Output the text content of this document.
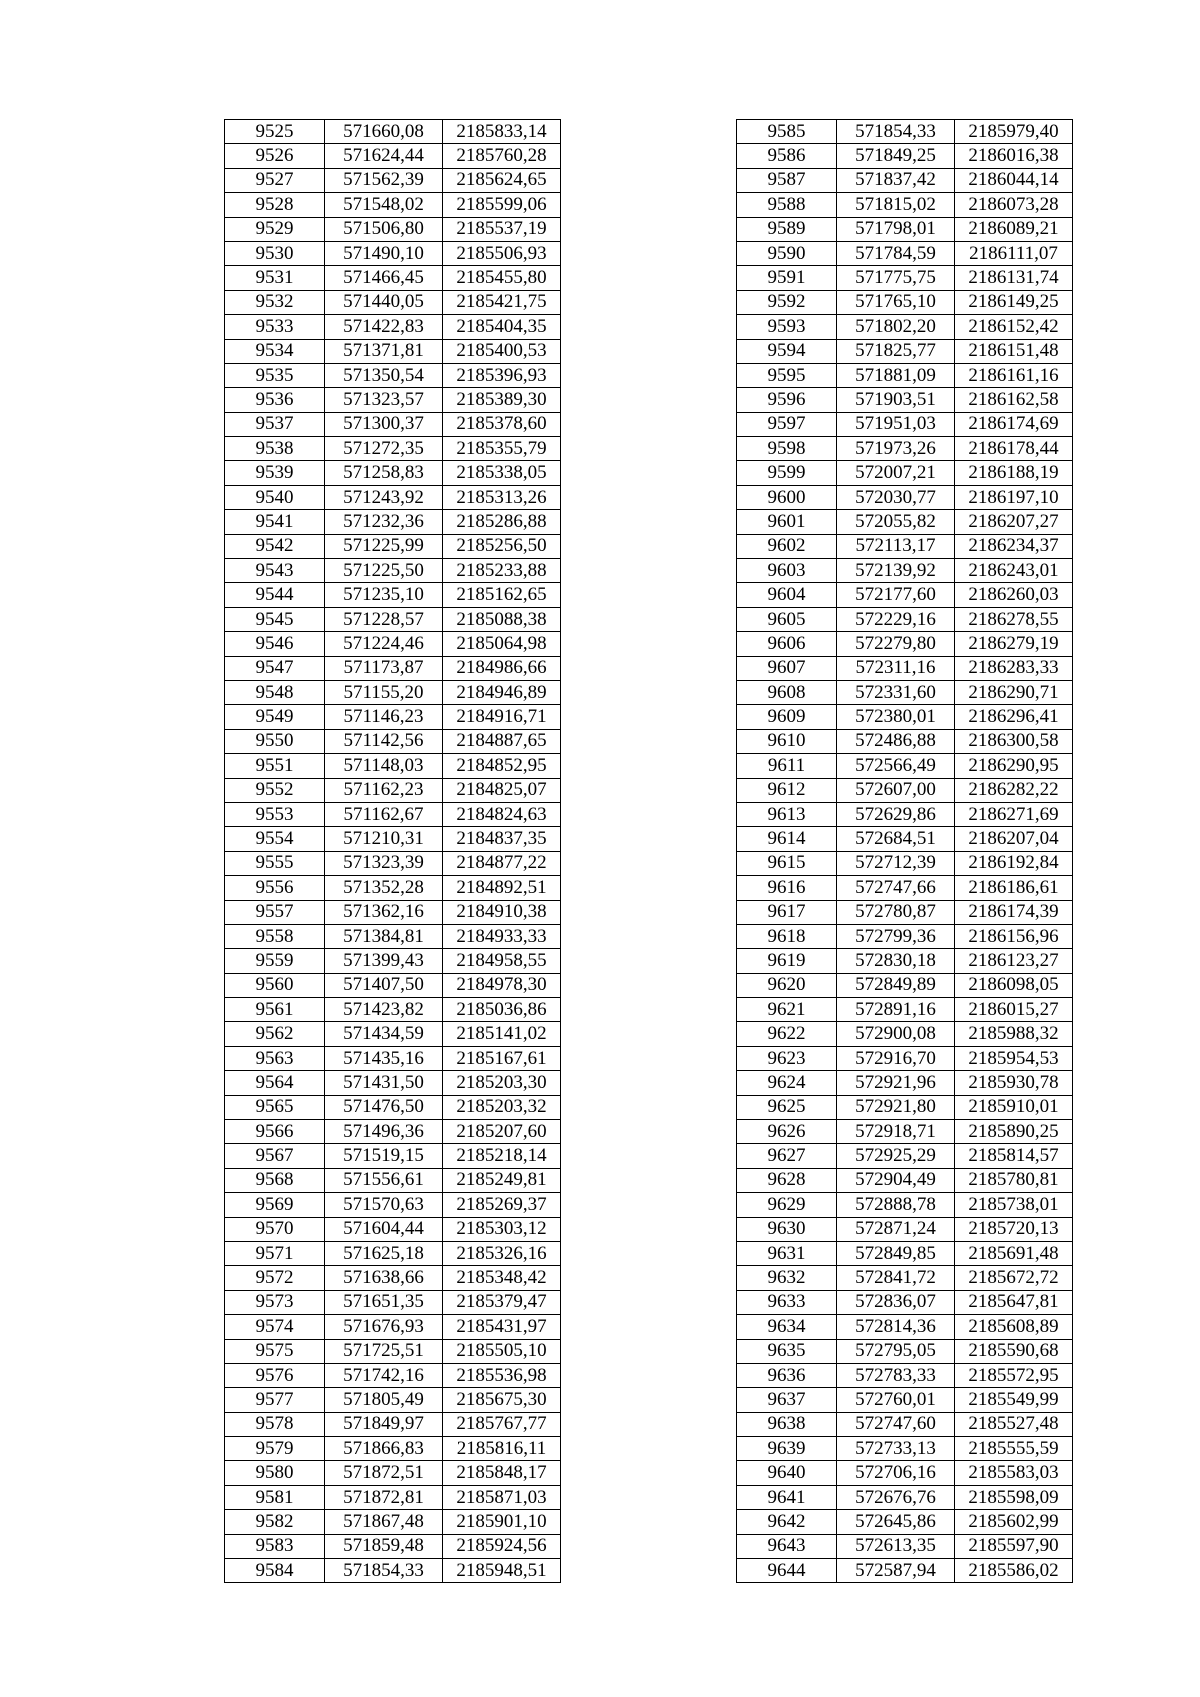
9525	571660,08	2185833,14
9526	571624,44	2185760,28
9527	571562,39	2185624,65
9528	571548,02	2185599,06
9529	571506,80	2185537,19
9530	571490,10	2185506,93
9531	571466,45	2185455,80
9532	571440,05	2185421,75
9533	571422,83	2185404,35
9534	571371,81	2185400,53
9535	571350,54	2185396,93
9536	571323,57	2185389,30
9537	571300,37	2185378,60
9538	571272,35	2185355,79
9539	571258,83	2185338,05
9540	571243,92	2185313,26
9541	571232,36	2185286,88
9542	571225,99	2185256,50
9543	571225,50	2185233,88
9544	571235,10	2185162,65
9545	571228,57	2185088,38
9546	571224,46	2185064,98
9547	571173,87	2184986,66
9548	571155,20	2184946,89
9549	571146,23	2184916,71
9550	571142,56	2184887,65
9551	571148,03	2184852,95
9552	571162,23	2184825,07
9553	571162,67	2184824,63
9554	571210,31	2184837,35
9555	571323,39	2184877,22
9556	571352,28	2184892,51
9557	571362,16	2184910,38
9558	571384,81	2184933,33
9559	571399,43	2184958,55
9560	571407,50	2184978,30
9561	571423,82	2185036,86
9562	571434,59	2185141,02
9563	571435,16	2185167,61
9564	571431,50	2185203,30
9565	571476,50	2185203,32
9566	571496,36	2185207,60
9567	571519,15	2185218,14
9568	571556,61	2185249,81
9569	571570,63	2185269,37
9570	571604,44	2185303,12
9571	571625,18	2185326,16
9572	571638,66	2185348,42
9573	571651,35	2185379,47
9574	571676,93	2185431,97
9575	571725,51	2185505,10
9576	571742,16	2185536,98
9577	571805,49	2185675,30
9578	571849,97	2185767,77
9579	571866,83	2185816,11
9580	571872,51	2185848,17
9581	571872,81	2185871,03
9582	571867,48	2185901,10
9583	571859,48	2185924,56
9584	571854,33	2185948,51
9585	571854,33	2185979,40
9586	571849,25	2186016,38
9587	571837,42	2186044,14
9588	571815,02	2186073,28
9589	571798,01	2186089,21
9590	571784,59	2186111,07
9591	571775,75	2186131,74
9592	571765,10	2186149,25
9593	571802,20	2186152,42
9594	571825,77	2186151,48
9595	571881,09	2186161,16
9596	571903,51	2186162,58
9597	571951,03	2186174,69
9598	571973,26	2186178,44
9599	572007,21	2186188,19
9600	572030,77	2186197,10
9601	572055,82	2186207,27
9602	572113,17	2186234,37
9603	572139,92	2186243,01
9604	572177,60	2186260,03
9605	572229,16	2186278,55
9606	572279,80	2186279,19
9607	572311,16	2186283,33
9608	572331,60	2186290,71
9609	572380,01	2186296,41
9610	572486,88	2186300,58
9611	572566,49	2186290,95
9612	572607,00	2186282,22
9613	572629,86	2186271,69
9614	572684,51	2186207,04
9615	572712,39	2186192,84
9616	572747,66	2186186,61
9617	572780,87	2186174,39
9618	572799,36	2186156,96
9619	572830,18	2186123,27
9620	572849,89	2186098,05
9621	572891,16	2186015,27
9622	572900,08	2185988,32
9623	572916,70	2185954,53
9624	572921,96	2185930,78
9625	572921,80	2185910,01
9626	572918,71	2185890,25
9627	572925,29	2185814,57
9628	572904,49	2185780,81
9629	572888,78	2185738,01
9630	572871,24	2185720,13
9631	572849,85	2185691,48
9632	572841,72	2185672,72
9633	572836,07	2185647,81
9634	572814,36	2185608,89
9635	572795,05	2185590,68
9636	572783,33	2185572,95
9637	572760,01	2185549,99
9638	572747,60	2185527,48
9639	572733,13	2185555,59
9640	572706,16	2185583,03
9641	572676,76	2185598,09
9642	572645,86	2185602,99
9643	572613,35	2185597,90
9644	572587,94	2185586,02
